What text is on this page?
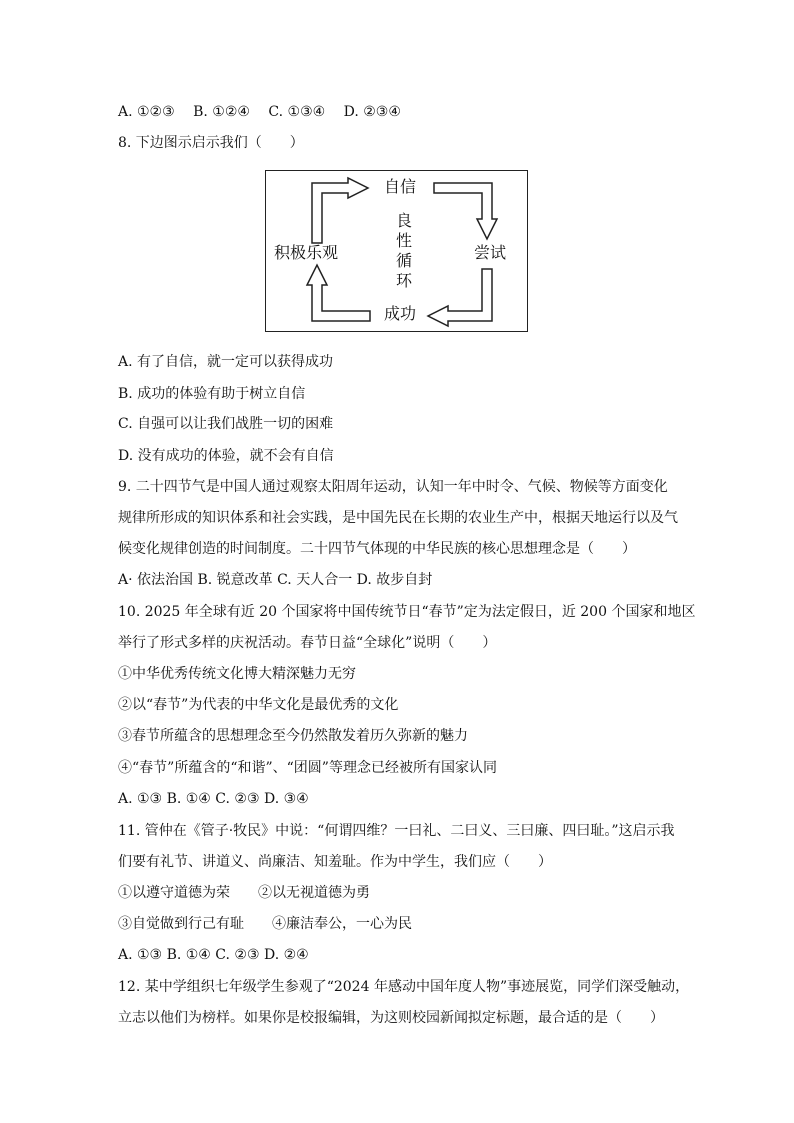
A. ①②③　 B. ①②④　 C. ①③④　 D. ②③④
8. 下边图示启示我们（　　）
自信
尝试
成功
积极乐观
良
性
循
环
A. 有了自信，就一定可以获得成功
B. 成功的体验有助于树立自信
C. 自强可以让我们战胜一切的困难
D. 没有成功的体验，就不会有自信
9. 二十四节气是中国人通过观察太阳周年运动，认知一年中时令、气候、物候等方面变化
规律所形成的知识体系和社会实践，是中国先民在长期的农业生产中，根据天地运行以及气
候变化规律创造的时间制度。二十四节气体现的中华民族的核心思想理念是（　　）
A· 依法治国 B. 锐意改革 C. 天人合一 D. 故步自封
10. 2025 年全球有近 20 个国家将中国传统节日“春节”定为法定假日，近 200 个国家和地区
举行了形式多样的庆祝活动。春节日益“全球化”说明（　　）
①中华优秀传统文化博大精深魅力无穷
②以“春节”为代表的中华文化是最优秀的文化
③春节所蕴含的思想理念至今仍然散发着历久弥新的魅力
④“春节”所蕴含的“和谐”、“团圆”等理念已经被所有国家认同
A. ①③ B. ①④ C. ②③ D. ③④
11. 管仲在《管子·牧民》中说：“何谓四维？一曰礼、二曰义、三曰廉、四曰耻。”这启示我
们要有礼节、讲道义、尚廉洁、知羞耻。作为中学生，我们应（　　）
①以遵守道德为荣　　②以无视道德为勇
③自觉做到行己有耻　　④廉洁奉公，一心为民
A. ①③ B. ①④ C. ②③ D. ②④
12. 某中学组织七年级学生参观了“2024 年感动中国年度人物”事迹展览，同学们深受触动，
立志以他们为榜样。如果你是校报编辑，为这则校园新闻拟定标题，最合适的是（　　）
